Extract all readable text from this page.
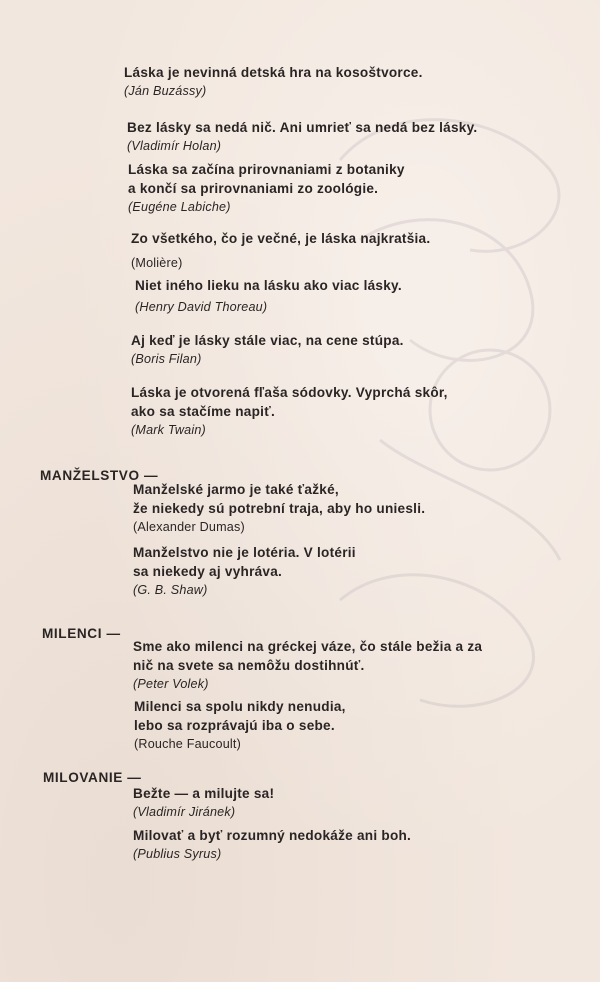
Láska je nevinná detská hra na kosoštvorce.
(Ján Buzássy)
Bez lásky sa nedá nič. Ani umrieť sa nedá bez lásky.
(Vladimír Holan)
Láska sa začína prirovnaniami z botaniky
a končí sa prirovnaniami zo zoológie.
(Eugéne Labiche)
Zo všetkého, čo je večné, je láska najkratšia.
(Molière)
Niet iného lieku na lásku ako viac lásky.
(Henry David Thoreau)
Aj keď je lásky stále viac, na cene stúpa.
(Boris Filan)
Láska je otvorená fľaša sódovky. Vyprchá skôr,
ako sa stačíme napiť.
(Mark Twain)
MANŽELSTVO —
Manželské jarmo je také ťažké,
že niekedy sú potrební traja, aby ho uniesli.
(Alexander Dumas)
Manželstvo nie je lotéria. V lotérii
sa niekedy aj vyhráva.
(G. B. Shaw)
MILENCI —
Sme ako milenci na gréckej váze, čo stále bežia a za
nič na svete sa nemôžu dostihnúť.
(Peter Volek)
Milenci sa spolu nikdy nenudia,
lebo sa rozprávajú iba o sebe.
(Rouche Faucoult)
MILOVANIE —
Bežte — a milujte sa!
(Vladimír Jiránek)
Milovať a byť rozumný nedokáže ani boh.
(Publius Syrus)
